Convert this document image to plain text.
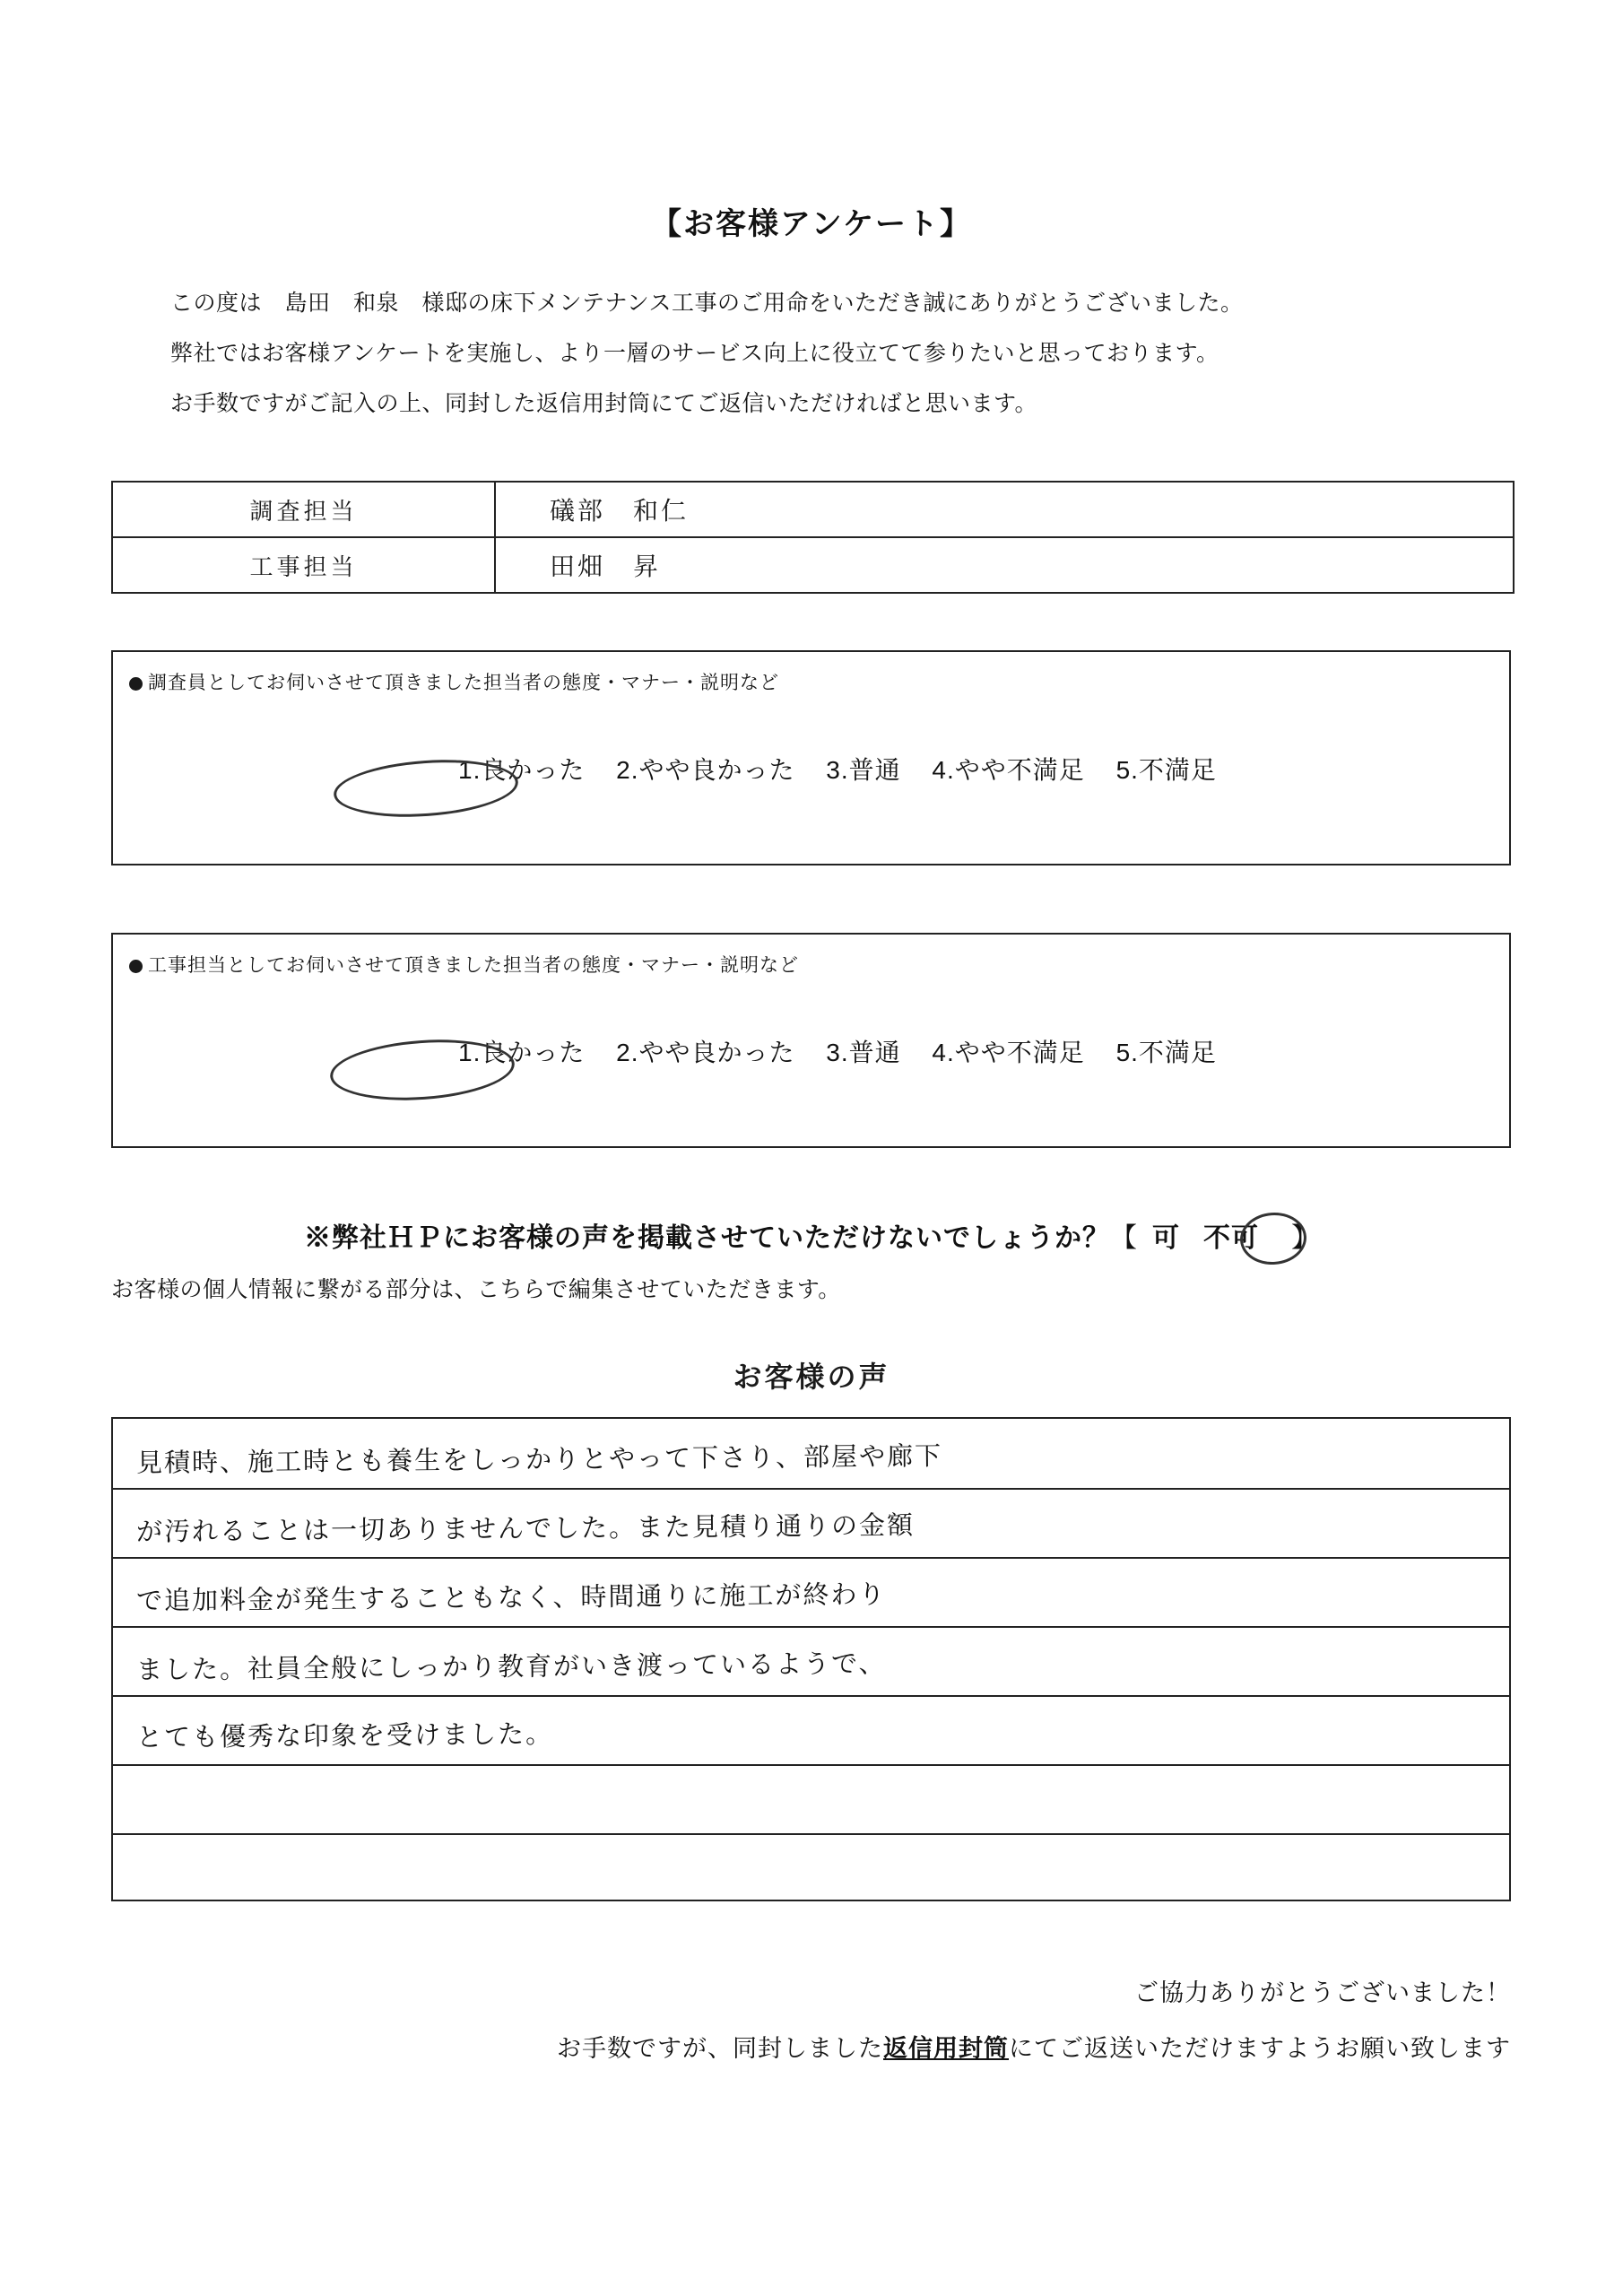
【お客様アンケート】
この度は　島田　和泉　様邸の床下メンテナンス工事のご用命をいただき誠にありがとうございました。
弊社ではお客様アンケートを実施し、より一層のサービス向上に役立てて参りたいと思っております。
お手数ですがご記入の上、同封した返信用封筒にてご返信いただければと思います。
調査担当	礒部　和仁
工事担当	田畑　昇
調査員としてお伺いさせて頂きました担当者の態度・マナー・説明など
1.良かった 2.やや良かった 3.普通 4.やや不満足 5.不満足
工事担当としてお伺いさせて頂きました担当者の態度・マナー・説明など
1.良かった 2.やや良かった 3.普通 4.やや不満足 5.不満足
※弊社ＨＰにお客様の声を掲載させていただけないでしょうか？【 可 不可 】
お客様の個人情報に繋がる部分は、こちらで編集させていただきます。
お客様の声
見積時、施工時とも養生をしっかりとやって下さり、部屋や廊下
が汚れることは一切ありませんでした。また見積り通りの金額
で追加料金が発生することもなく、時間通りに施工が終わり
ました。社員全般にしっかり教育がいき渡っているようで、
とても優秀な印象を受けました。
ご協力ありがとうございました！
お手数ですが、同封しました返信用封筒にてご返送いただけますようお願い致します
